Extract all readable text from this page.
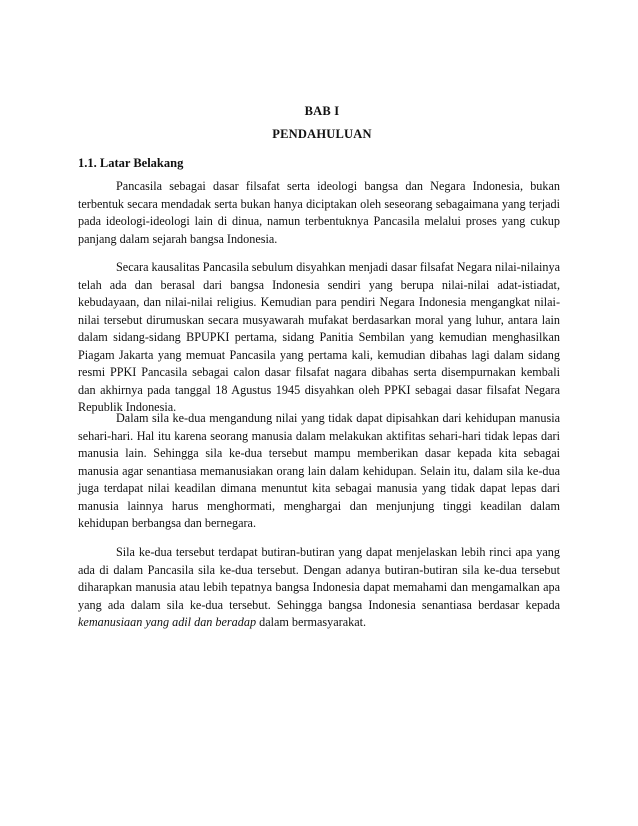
BAB I
PENDAHULUAN
1.1. Latar Belakang

Pancasila sebagai dasar filsafat serta ideologi bangsa dan Negara Indonesia, bukan terbentuk secara mendadak serta bukan hanya diciptakan oleh seseorang sebagaimana yang terjadi pada ideologi-ideologi lain di dinua, namun terbentuknya Pancasila melalui proses yang cukup panjang dalam sejarah bangsa Indonesia.

Secara kausalitas Pancasila sebulum disyahkan menjadi dasar filsafat Negara nilai-nilainya telah ada dan berasal dari bangsa Indonesia sendiri yang berupa nilai-nilai adat-istiadat, kebudayaan, dan nilai-nilai religius. Kemudian para pendiri Negara Indonesia mengangkat nilai-nilai tersebut dirumuskan secara musyawarah mufakat berdasarkan moral yang luhur, antara lain dalam sidang-sidang BPUPKI pertama, sidang Panitia Sembilan yang kemudian menghasilkan Piagam Jakarta yang memuat Pancasila yang pertama kali, kemudian dibahas lagi dalam sidang resmi PPKI Pancasila sebagai calon dasar filsafat nagara dibahas serta disempurnakan kembali dan akhirnya pada tanggal 18 Agustus 1945 disyahkan oleh PPKI sebagai dasar filsafat Negara Republik Indonesia.

Dalam sila ke-dua mengandung nilai yang tidak dapat dipisahkan dari kehidupan manusia sehari-hari. Hal itu karena seorang manusia dalam melakukan aktifitas sehari-hari tidak lepas dari manusia lain. Sehingga sila ke-dua tersebut mampu memberikan dasar kepada kita sebagai manusia agar senantiasa memanusiakan orang lain dalam kehidupan. Selain itu, dalam sila ke-dua juga terdapat nilai keadilan dimana menuntut kita sebagai manusia yang tidak dapat lepas dari manusia lainnya harus menghormati, menghargai dan menjunjung tinggi keadilan dalam kehidupan berbangsa dan bernegara.

Sila ke-dua tersebut terdapat butiran-butiran yang dapat menjelaskan lebih rinci apa yang ada di dalam Pancasila sila ke-dua tersebut. Dengan adanya butiran-butiran sila ke-dua tersebut diharapkan manusia atau lebih tepatnya bangsa Indonesia dapat memahami dan mengamalkan apa yang ada dalam sila ke-dua tersebut. Sehingga bangsa Indonesia senantiasa berdasar kepada kemanusiaan yang adil dan beradap dalam bermasyarakat.
